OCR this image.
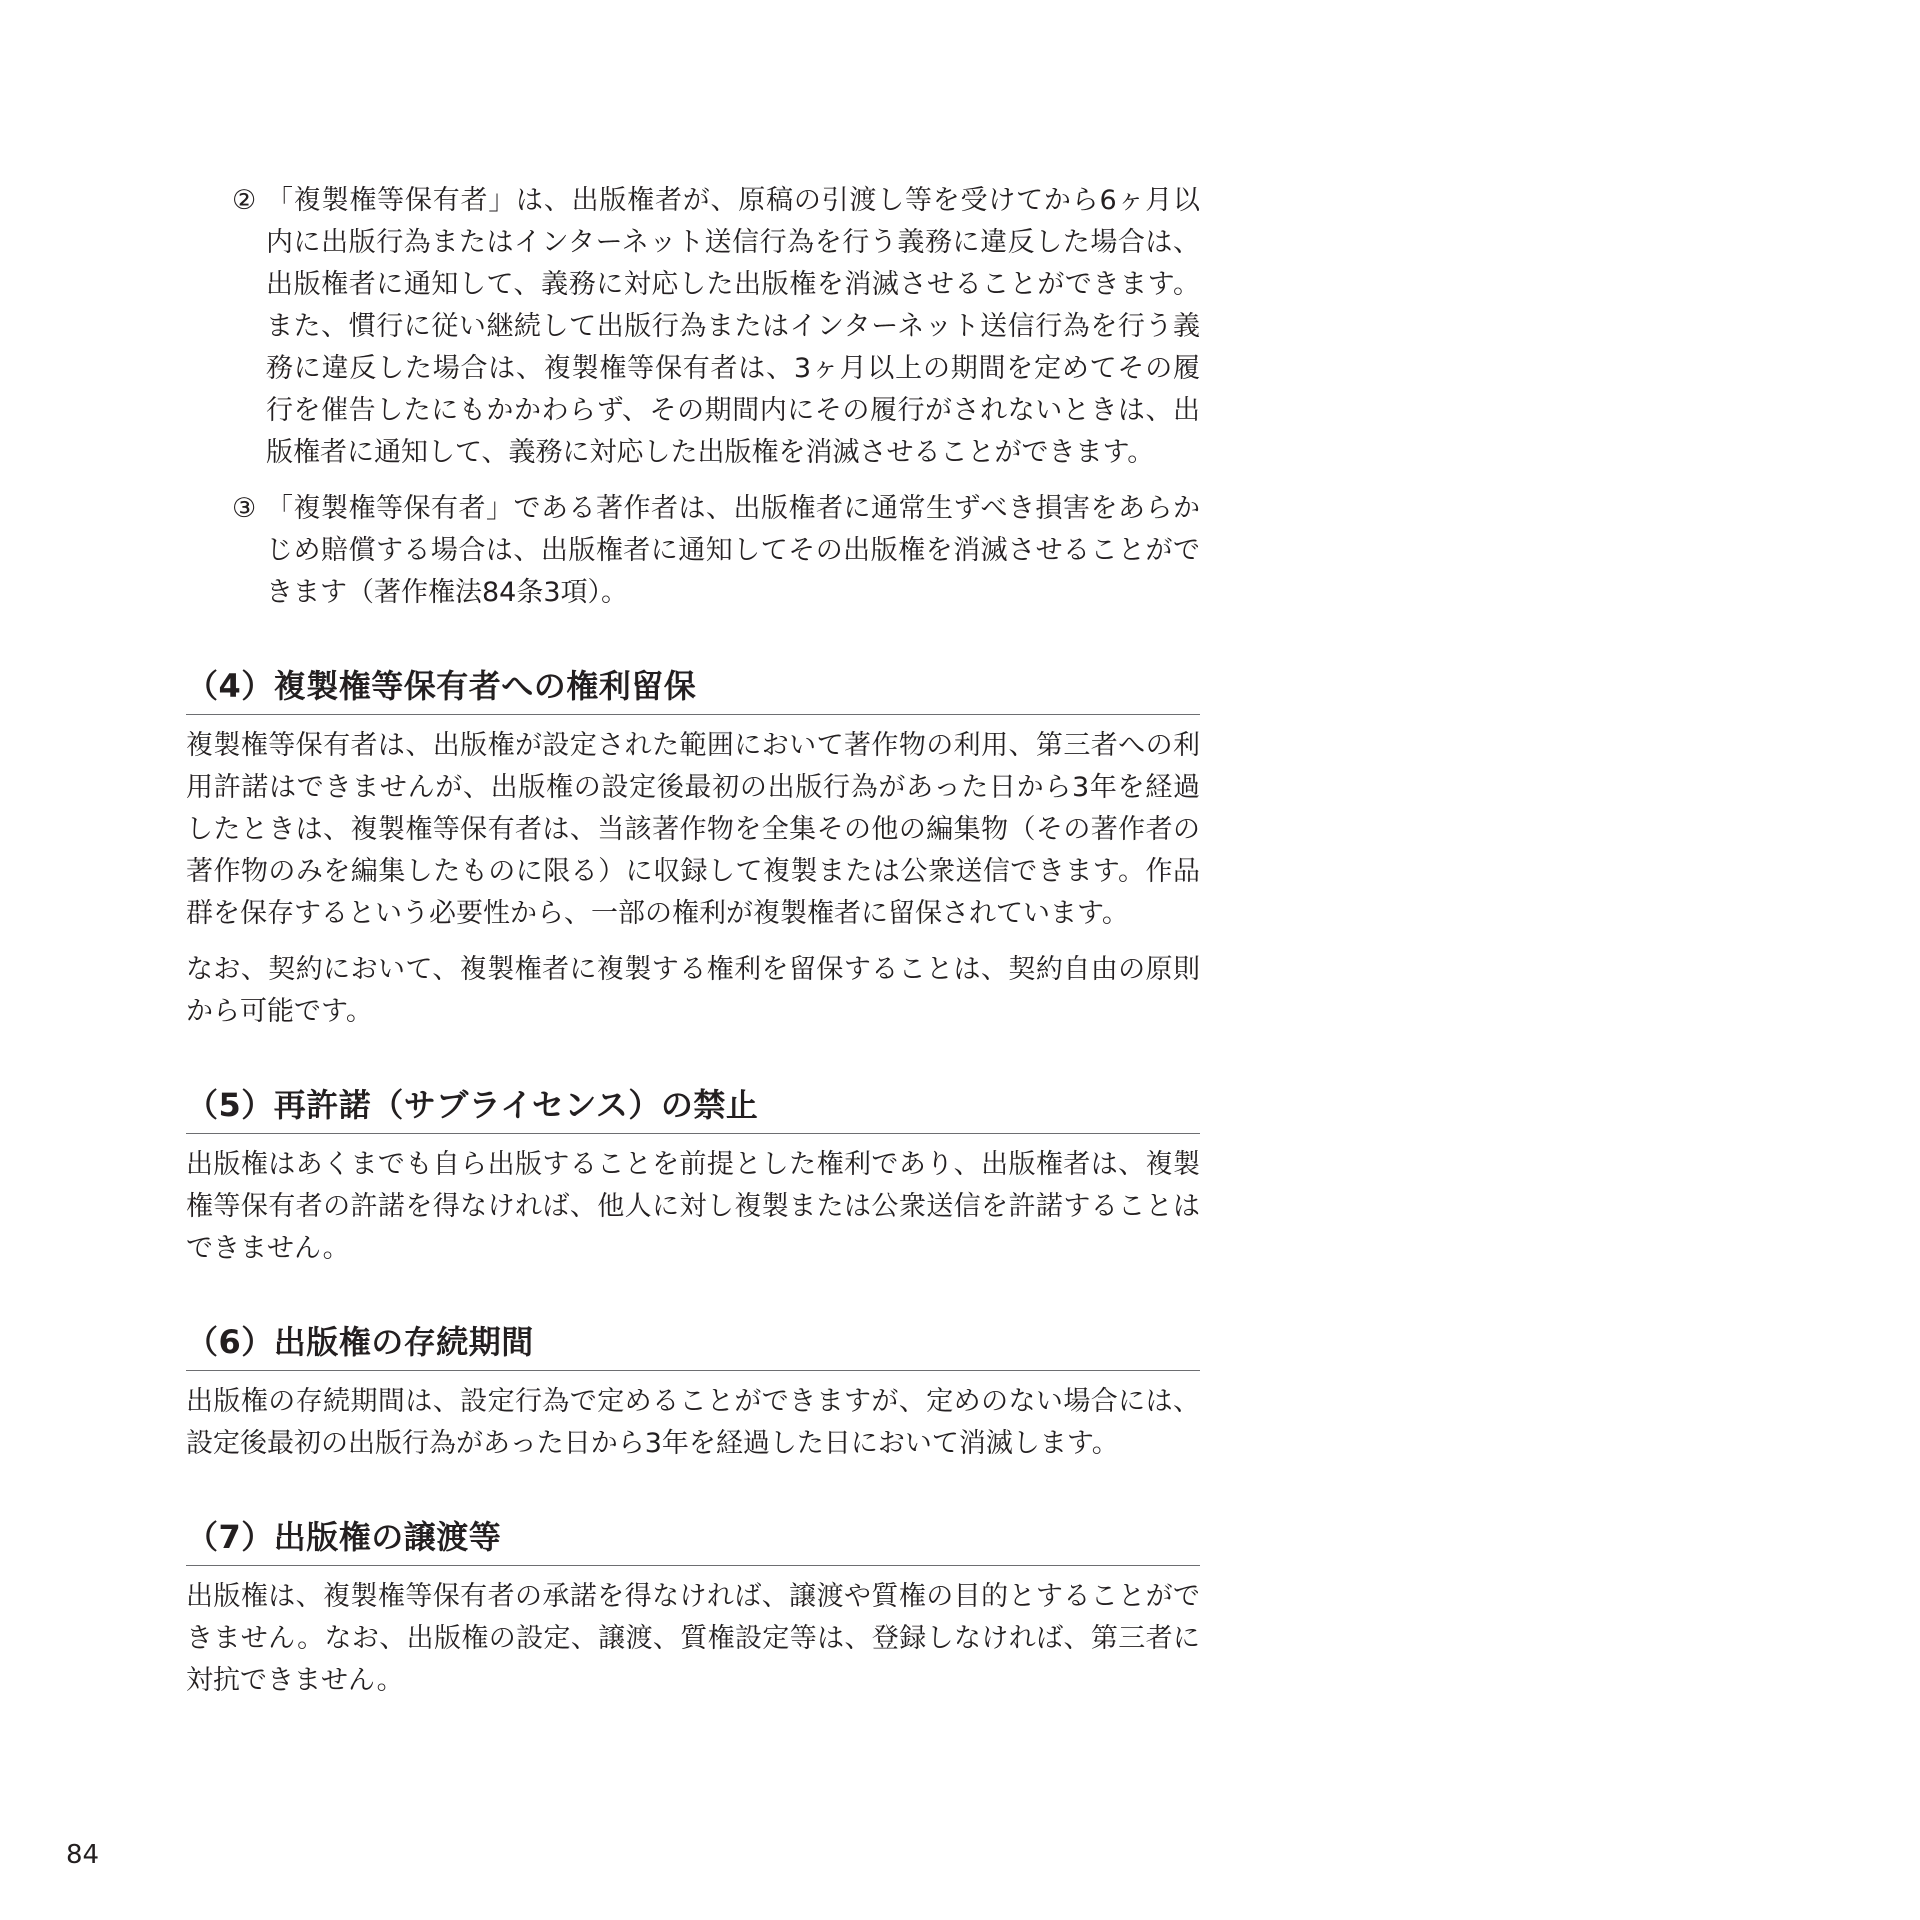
② 「複製権等保有者」は、出版権者が、原稿の引渡し等を受けてから6ヶ月以内に出版行為またはインターネット送信行為を行う義務に違反した場合は、出版権者に通知して、義務に対応した出版権を消滅させることができます。また、慣行に従い継続して出版行為またはインターネット送信行為を行う義務に違反した場合は、複製権等保有者は、3ヶ月以上の期間を定めてその履行を催告したにもかかわらず、その期間内にその履行がされないときは、出版権者に通知して、義務に対応した出版権を消滅させることができます。
③ 「複製権等保有者」である著作者は、出版権者に通常生ずべき損害をあらかじめ賠償する場合は、出版権者に通知してその出版権を消滅させることができます（著作権法84条3項）。
（4）複製権等保有者への権利留保

複製権等保有者は、出版権が設定された範囲において著作物の利用、第三者への利用許諾はできませんが、出版権の設定後最初の出版行為があった日から3年を経過したときは、複製権等保有者は、当該著作物を全集その他の編集物（その著作者の著作物のみを編集したものに限る）に収録して複製または公衆送信できます。作品群を保存するという必要性から、一部の権利が複製権者に留保されています。

なお、契約において、複製権者に複製する権利を留保することは、契約自由の原則から可能です。

（5）再許諾（サブライセンス）の禁止

出版権はあくまでも自ら出版することを前提とした権利であり、出版権者は、複製権等保有者の許諾を得なければ、他人に対し複製または公衆送信を許諾することはできません。

（6）出版権の存続期間

出版権の存続期間は、設定行為で定めることができますが、定めのない場合には、設定後最初の出版行為があった日から3年を経過した日において消滅します。

（7）出版権の譲渡等

出版権は、複製権等保有者の承諾を得なければ、譲渡や質権の目的とすることができません。なお、出版権の設定、譲渡、質権設定等は、登録しなければ、第三者に対抗できません。

84
